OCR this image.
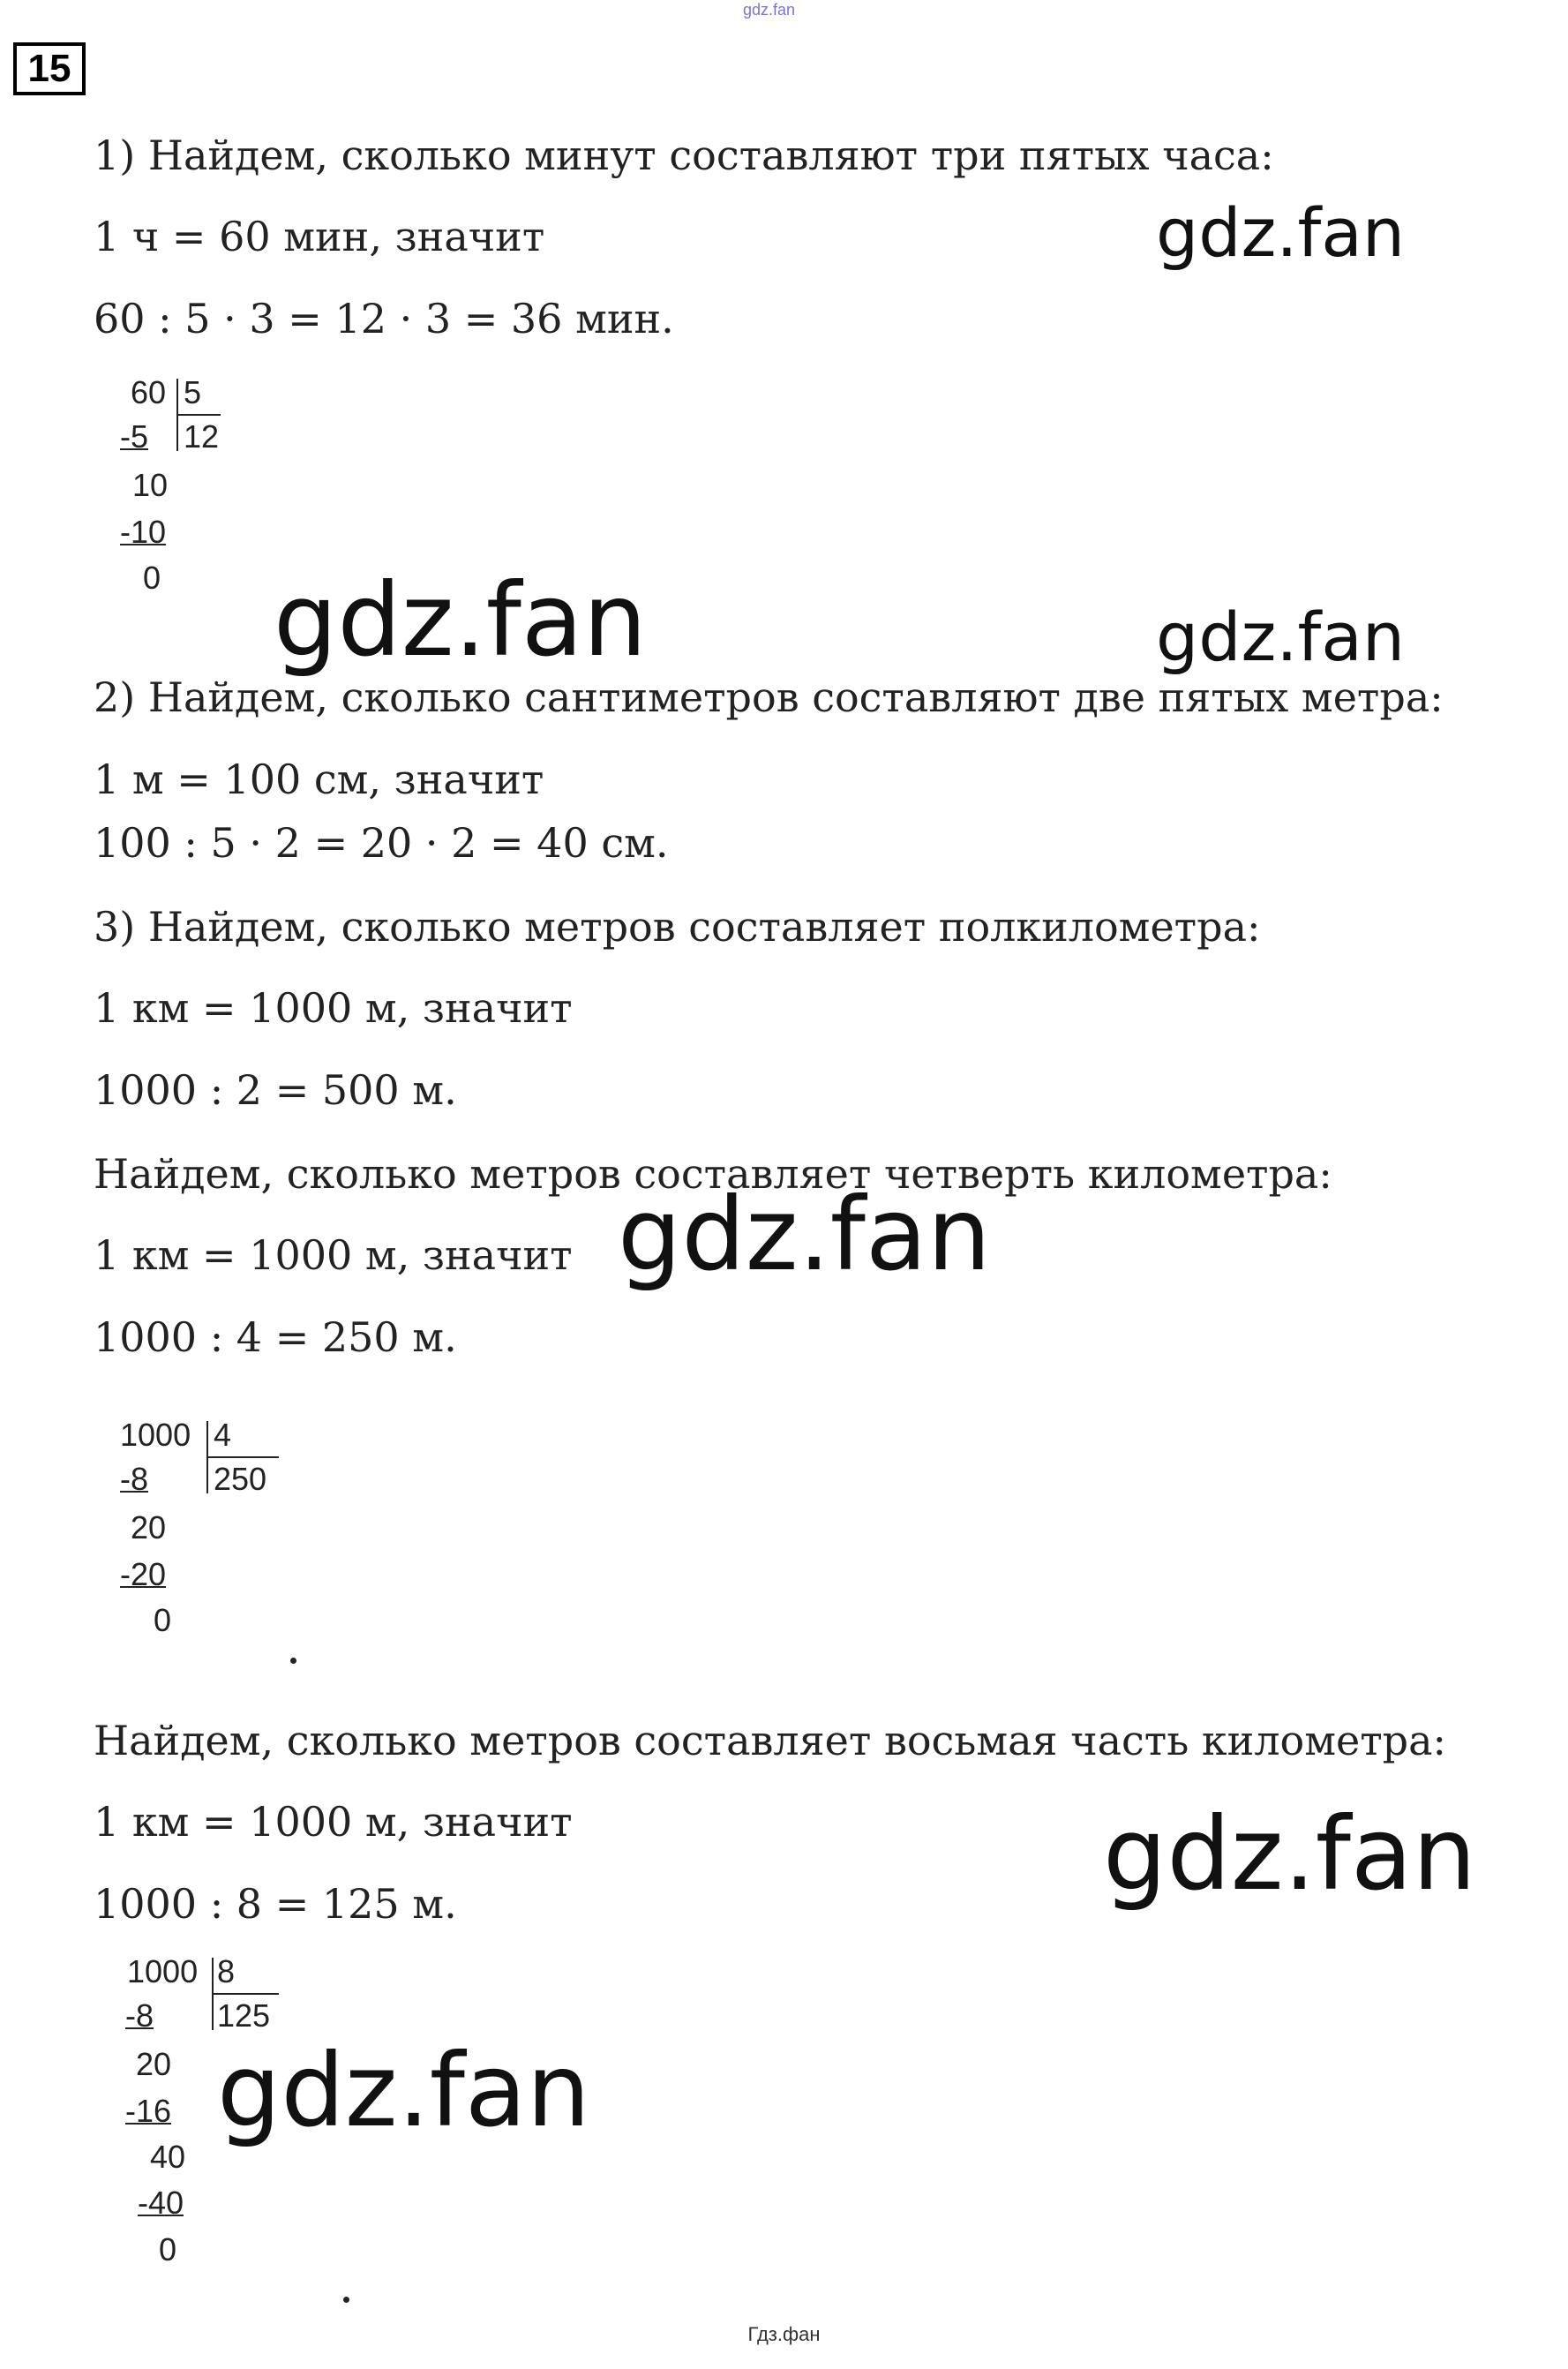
gdz.fan
15
1) Найдем, сколько минут составляют три пятых часа:
1 ч = 60 мин, значит
60 : 5 · 3 = 12 · 3 = 36 мин.
2) Найдем, сколько сантиметров составляют две пятых метра:
1 м = 100 см, значит
100 : 5 · 2 = 20 · 2 = 40 см.
3) Найдем, сколько метров составляет полкилометра:
1 км = 1000 м, значит
1000 : 2 = 500 м.
Найдем, сколько метров составляет четверть километра:
1 км = 1000 м, значит
1000 : 4 = 250 м.
Найдем, сколько метров составляет восьмая часть километра:
1 км = 1000 м, значит
1000 : 8 = 125 м.
60 5
12
-5
10
-10
0
1000 4
250
-8
20
-20
0
1000 8
125
-8
20
-16
40
-40
0
gdz.fan
gdz.fan	gdz.fan
gdz.fan
gdz.fan
gdz.fan
Гдз.фан
